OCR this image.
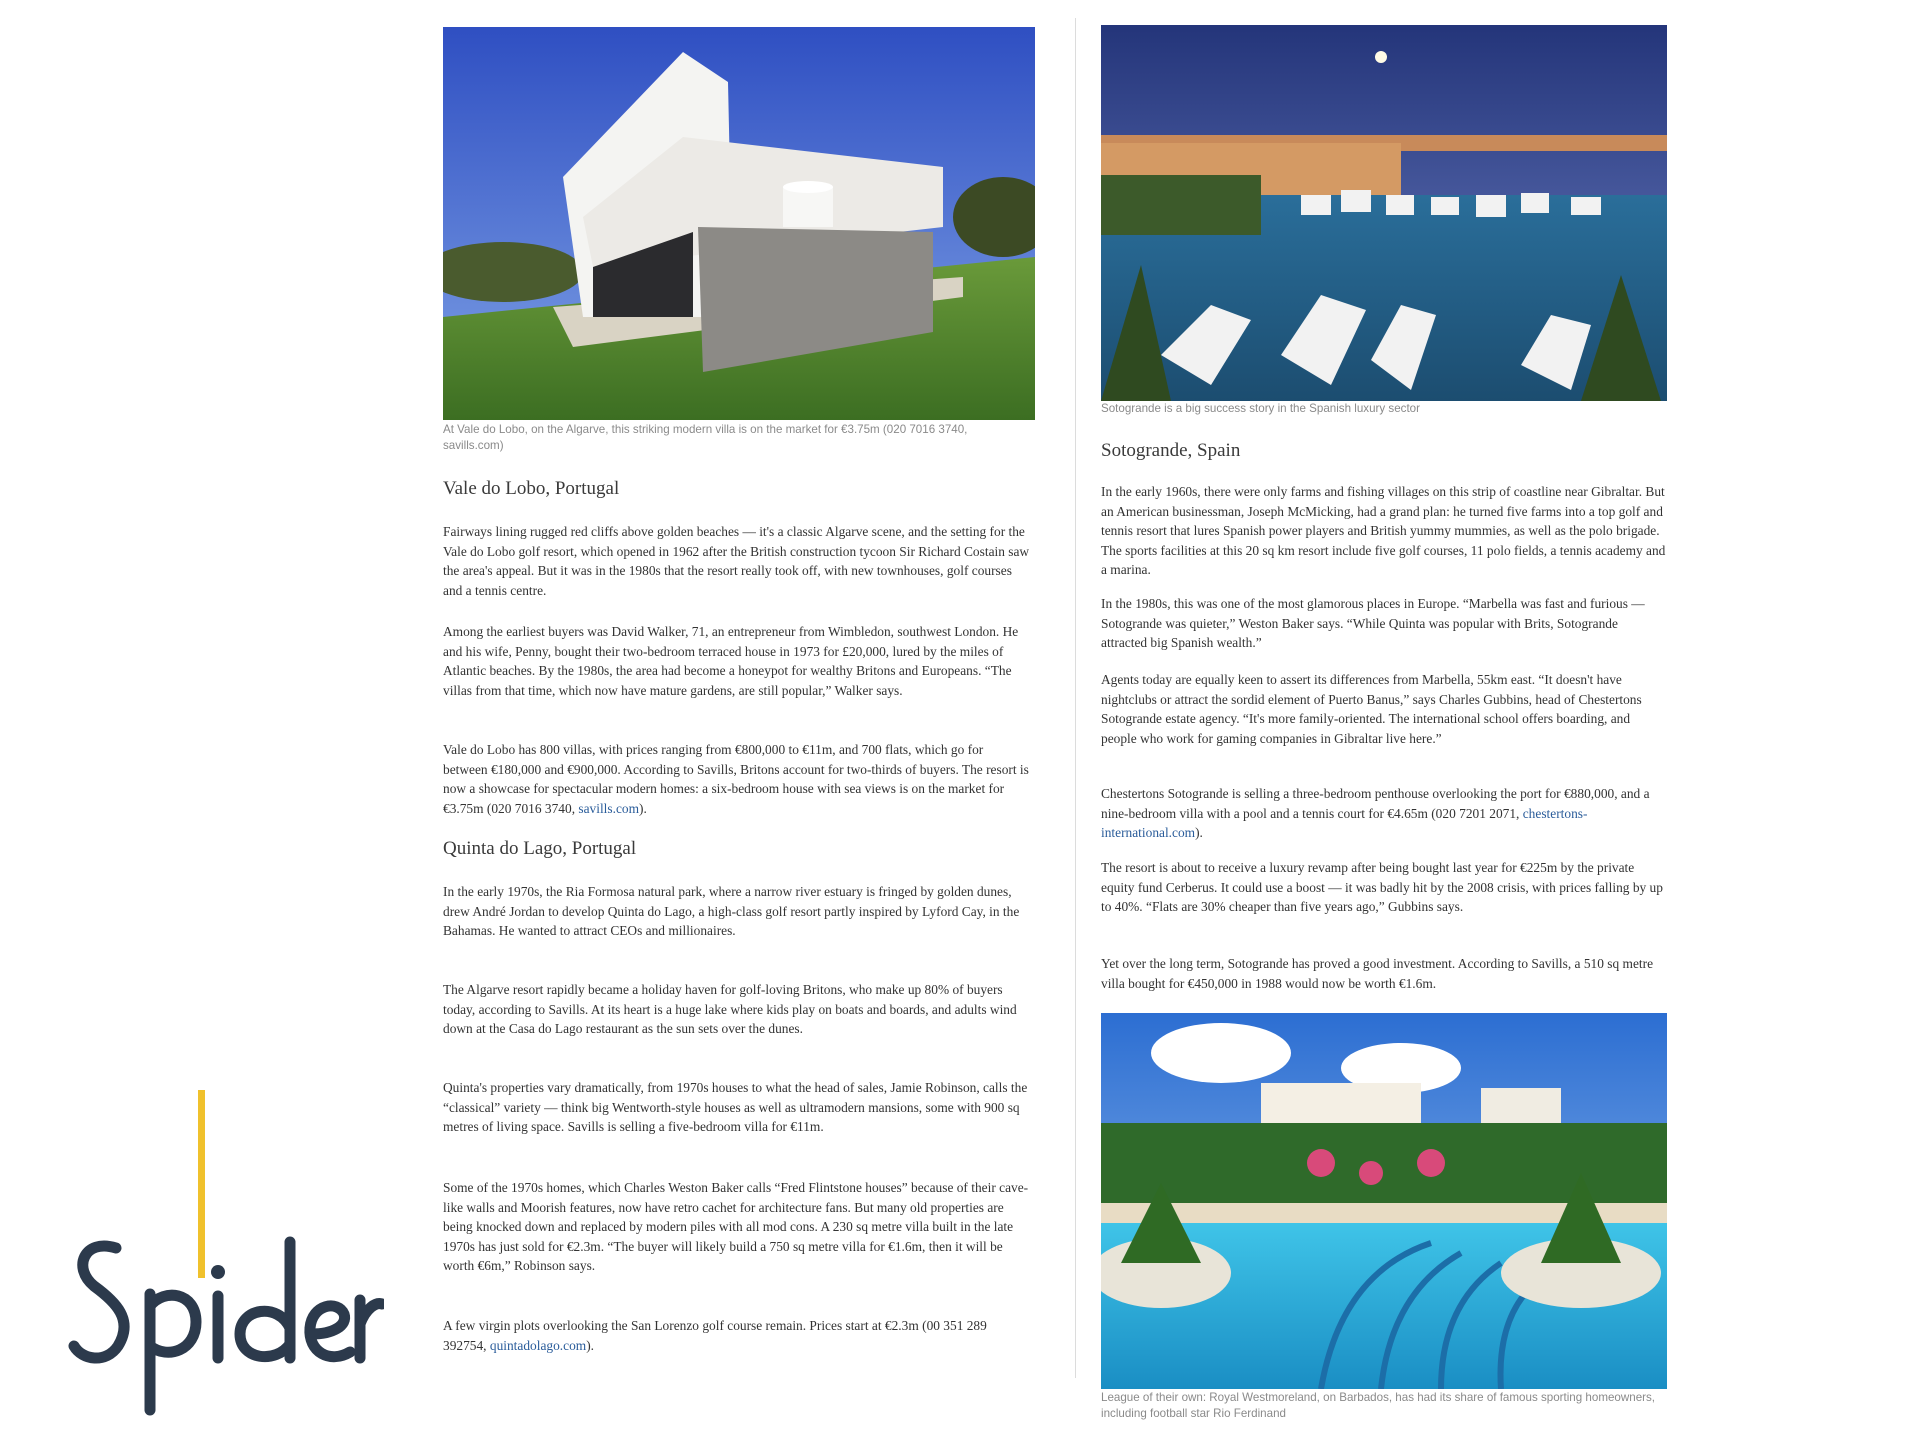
At Vale do Lobo, on the Algarve, this striking modern villa is on the market for €3.75m (020 7016 3740, savills.com)
Vale do Lobo, Portugal

Fairways lining rugged red cliffs above golden beaches — it's a classic Algarve scene, and the setting for the Vale do Lobo golf resort, which opened in 1962 after the British construction tycoon Sir Richard Costain saw the area's appeal. But it was in the 1980s that the resort really took off, with new townhouses, golf courses and a tennis centre.

Among the earliest buyers was David Walker, 71, an entrepreneur from Wimbledon, southwest London. He and his wife, Penny, bought their two-bedroom terraced house in 1973 for £20,000, lured by the miles of Atlantic beaches. By the 1980s, the area had become a honeypot for wealthy Britons and Europeans. “The villas from that time, which now have mature gardens, are still popular,” Walker says.

Vale do Lobo has 800 villas, with prices ranging from €800,000 to €11m, and 700 flats, which go for between €180,000 and €900,000. According to Savills, Britons account for two-thirds of buyers. The resort is now a showcase for spectacular modern homes: a six-bedroom house with sea views is on the market for €3.75m (020 7016 3740, savills.com).

Quinta do Lago, Portugal

In the early 1970s, the Ria Formosa natural park, where a narrow river estuary is fringed by golden dunes, drew André Jordan to develop Quinta do Lago, a high-class golf resort partly inspired by Lyford Cay, in the Bahamas. He wanted to attract CEOs and millionaires.

The Algarve resort rapidly became a holiday haven for golf-loving Britons, who make up 80% of buyers today, according to Savills. At its heart is a huge lake where kids play on boats and boards, and adults wind down at the Casa do Lago restaurant as the sun sets over the dunes.

Quinta's properties vary dramatically, from 1970s houses to what the head of sales, Jamie Robinson, calls the “classical” variety — think big Wentworth-style houses as well as ultramodern mansions, some with 900 sq metres of living space. Savills is selling a five-bedroom villa for €11m.

Some of the 1970s homes, which Charles Weston Baker calls “Fred Flintstone houses” because of their cave-like walls and Moorish features, now have retro cachet for architecture fans. But many old properties are being knocked down and replaced by modern piles with all mod cons. A 230 sq metre villa built in the late 1970s has just sold for €2.3m. “The buyer will likely build a 750 sq metre villa for €1.6m, then it will be worth €6m,” Robinson says.

A few virgin plots overlooking the San Lorenzo golf course remain. Prices start at €2.3m (00 351 289 392754, quintadolago.com).

Sotogrande is a big success story in the Spanish luxury sector
Sotogrande, Spain

In the early 1960s, there were only farms and fishing villages on this strip of coastline near Gibraltar. But an American businessman, Joseph McMicking, had a grand plan: he turned five farms into a top golf and tennis resort that lures Spanish power players and British yummy mummies, as well as the polo brigade. The sports facilities at this 20 sq km resort include five golf courses, 11 polo fields, a tennis academy and a marina.

In the 1980s, this was one of the most glamorous places in Europe. “Marbella was fast and furious — Sotogrande was quieter,” Weston Baker says. “While Quinta was popular with Brits, Sotogrande attracted big Spanish wealth.”

Agents today are equally keen to assert its differences from Marbella, 55km east. “It doesn't have nightclubs or attract the sordid element of Puerto Banus,” says Charles Gubbins, head of Chestertons Sotogrande estate agency. “It's more family-oriented. The international school offers boarding, and people who work for gaming companies in Gibraltar live here.”

Chestertons Sotogrande is selling a three-bedroom penthouse overlooking the port for €880,000, and a nine-bedroom villa with a pool and a tennis court for €4.65m (020 7201 2071, chestertons-international.com).

The resort is about to receive a luxury revamp after being bought last year for €225m by the private equity fund Cerberus. It could use a boost — it was badly hit by the 2008 crisis, with prices falling by up to 40%. “Flats are 30% cheaper than five years ago,” Gubbins says.

Yet over the long term, Sotogrande has proved a good investment. According to Savills, a 510 sq metre villa bought for €450,000 in 1988 would now be worth €1.6m.

League of their own: Royal Westmoreland, on Barbados, has had its share of famous sporting homeowners, including football star Rio Ferdinand
